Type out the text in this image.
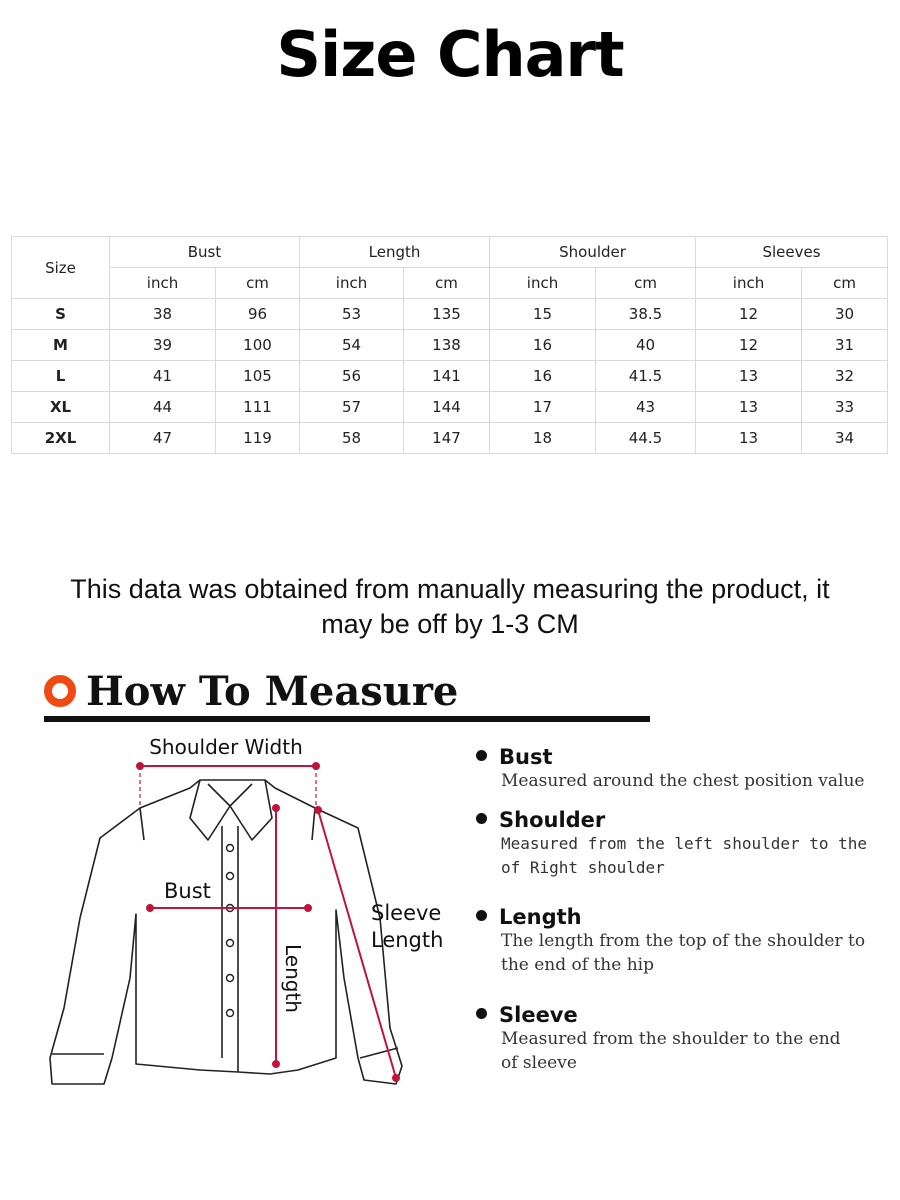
Size Chart
Size	Bust		Length		Shoulder		Sleeves	
	inch	cm	inch	cm	inch	cm	inch	cm
S	38	96	53	135	15	38.5	12	30
M	39	100	54	138	16	40	12	31
L	41	105	56	141	16	41.5	13	32
XL	44	111	57	144	17	43	13	33
2XL	47	119	58	147	18	44.5	13	34
This data was obtained from manually measuring the product, it
may be off by 1-3 CM
How To Measure
Shoulder Width
Bust
Sleeve
Length
Length
Bust
Measured around the chest position value
Shoulder
Measured from the left shoulder to the
of Right shoulder
Length
The length from the top of the shoulder to
the end of the hip
Sleeve
Measured from the shoulder to the end
of sleeve
